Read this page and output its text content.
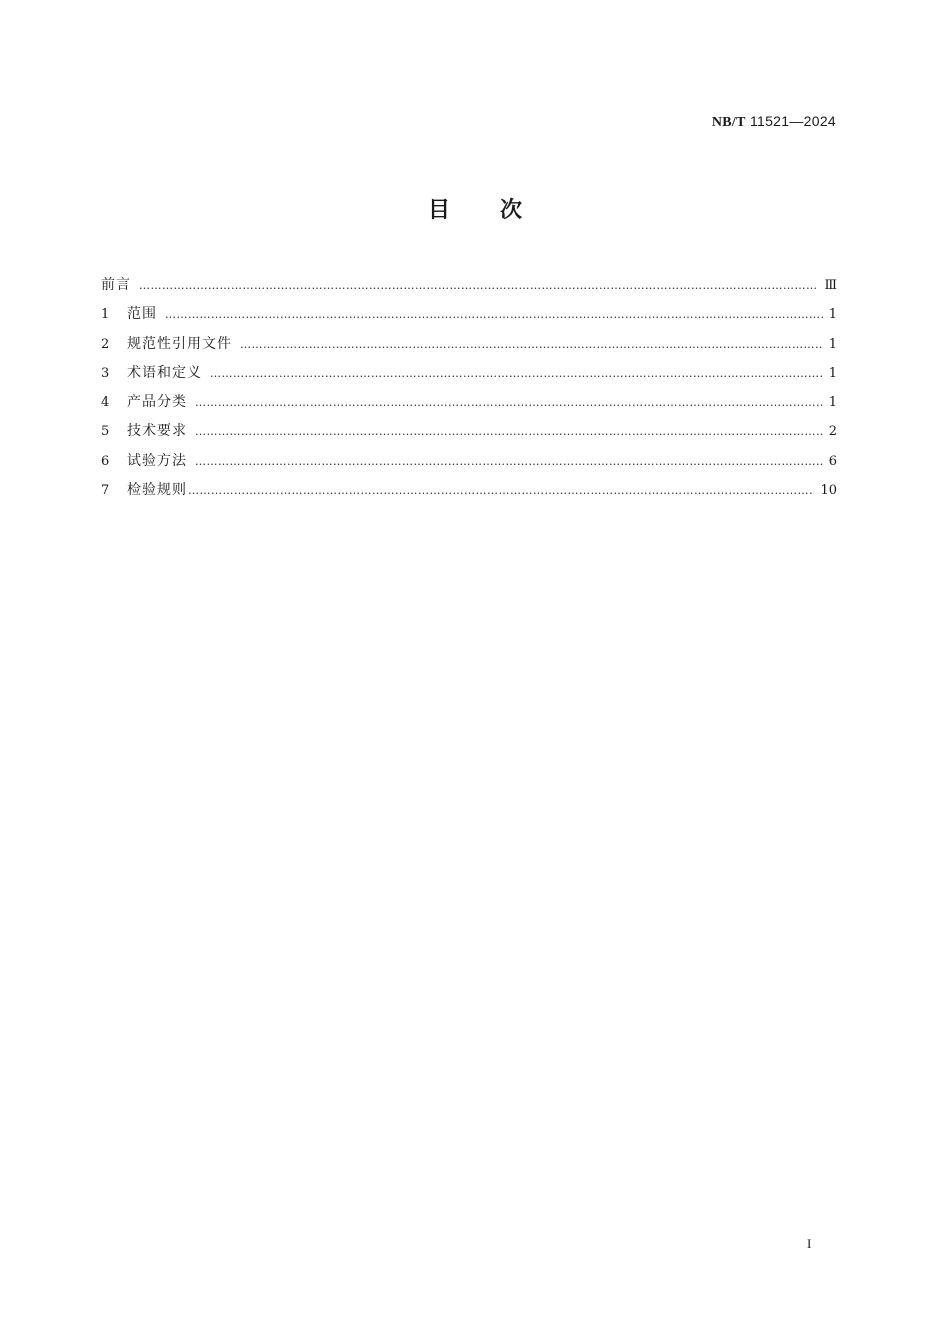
NB/T 11521—2024
目次
前言 ………………………………………………………………………………………………………………………………………………………………………………………………………………	Ⅲ
1	范围 ………………………………………………………………………………………………………………………………………………………………………………………………………………	1
2	规范性引用文件 ………………………………………………………………………………………………………………………………………………………………………………………………………………	1
3	术语和定义 ………………………………………………………………………………………………………………………………………………………………………………………………………………	1
4	产品分类 ………………………………………………………………………………………………………………………………………………………………………………………………………………	1
5	技术要求 ………………………………………………………………………………………………………………………………………………………………………………………………………………	2
6	试验方法 ………………………………………………………………………………………………………………………………………………………………………………………………………………	6
7	检验规则 ………………………………………………………………………………………………………………………………………………………………………………………………………………	10
I
